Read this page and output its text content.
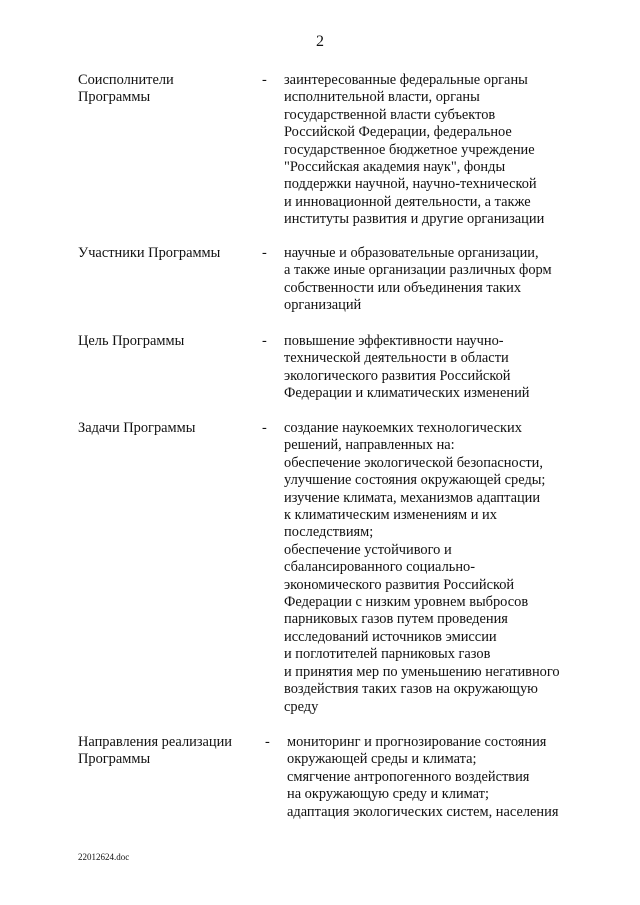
2
Соисполнители
Программы
-	заинтересованные федеральные органы
исполнительной власти, органы
государственной власти субъектов
Российской Федерации, федеральное
государственное бюджетное учреждение
"Российская академия наук", фонды
поддержки научной, научно-технической
и инновационной деятельности, а также
институты развития и другие организации
Участники Программы	-	научные и образовательные организации,
а также иные организации различных форм
собственности или объединения таких
организаций
Цель Программы	-	повышение эффективности научно-
технической деятельности в области
экологического развития Российской
Федерации и климатических изменений
Задачи Программы	-	создание наукоемких технологических
решений, направленных на:
обеспечение экологической безопасности,
улучшение состояния окружающей среды;
изучение климата, механизмов адаптации
к климатическим изменениям и их
последствиям;
обеспечение устойчивого и
сбалансированного социально-
экономического развития Российской
Федерации с низким уровнем выбросов
парниковых газов путем проведения
исследований источников эмиссии
и поглотителей парниковых газов
и принятия мер по уменьшению негативного
воздействия таких газов на окружающую
среду
Направления реализации
Программы
-	мониторинг и прогнозирование состояния
окружающей среды и климата;
смягчение антропогенного воздействия
на окружающую среду и климат;
адаптация экологических систем, населения
22012624.doc
